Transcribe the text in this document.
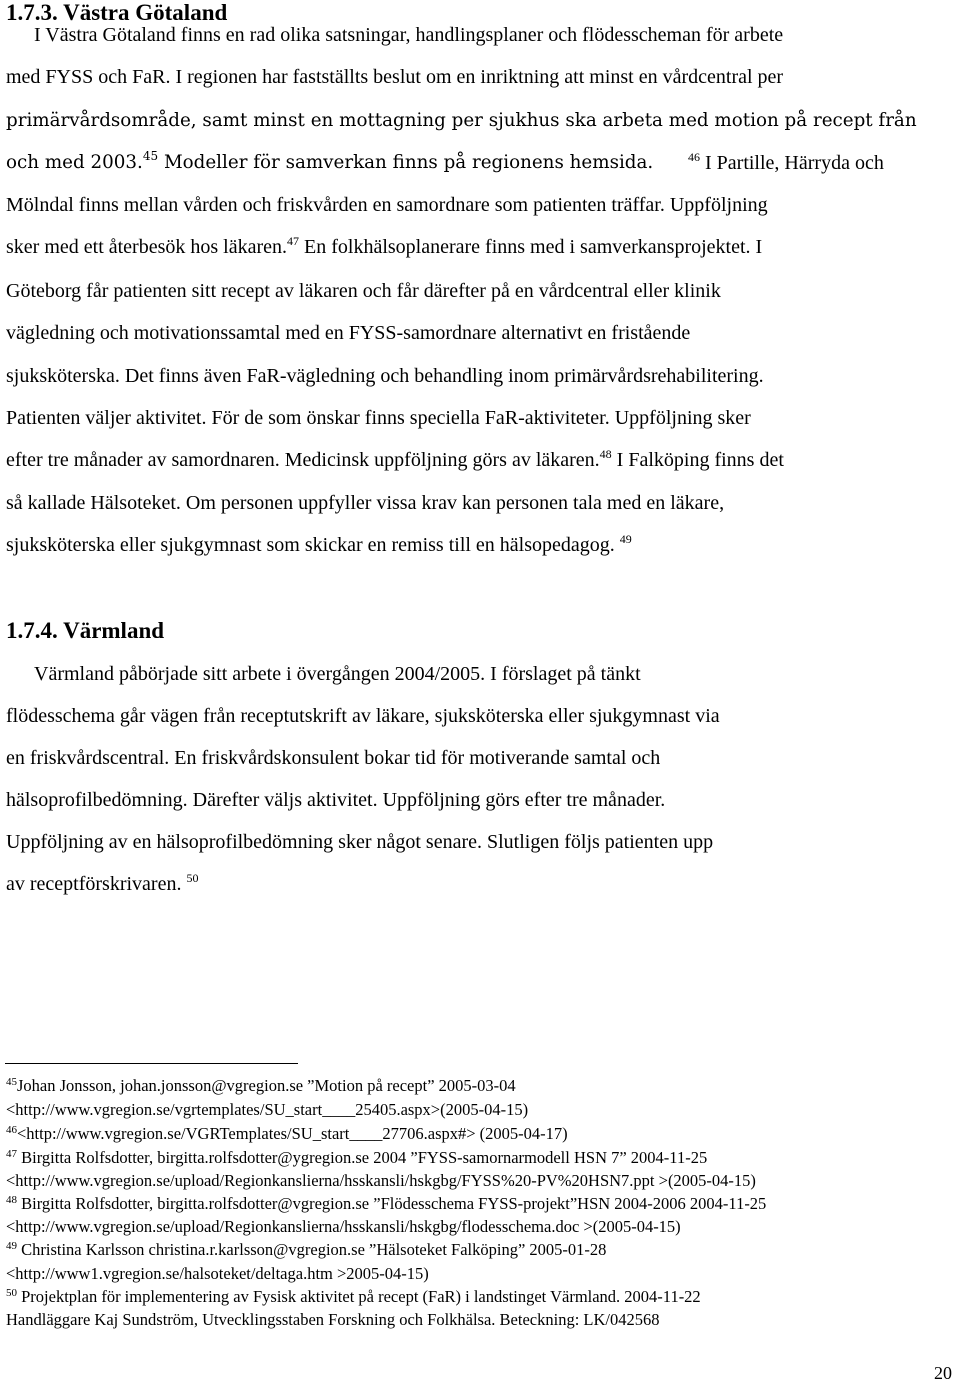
1.7.3. Västra Götaland
I Västra Götaland finns en rad olika satsningar, handlingsplaner och flödesscheman för arbete
med FYSS och FaR. I regionen har fastställts beslut om en inriktning att minst en vårdcentral per
primärvårdsområde, samt minst en mottagning per sjukhus ska arbeta med motion på recept från
och med 2003.45 Modeller för samverkan finns på regionens hemsida.	$^{46}$ I Partille, Härryda och
Mölndal finns mellan vården och friskvården en samordnare som patienten träffar. Uppföljning
sker med ett återbesök hos läkaren.$^{47}$ En folkhälsoplanerare finns med i samverkansprojektet. I
Göteborg får patienten sitt recept av läkaren och får därefter på en vårdcentral eller klinik
vägledning och motivationssamtal med en FYSS-samordnare alternativt en fristående
sjuksköterska. Det finns även FaR-vägledning och behandling inom primärvårdsrehabilitering.
Patienten väljer aktivitet. För de som önskar finns speciella FaR-aktiviteter. Uppföljning sker
efter tre månader av samordnaren. Medicinsk uppföljning görs av läkaren.$^{48}$ I Falköping finns det
så kallade Hälsoteket. Om personen uppfyller vissa krav kan personen tala med en läkare,
sjuksköterska eller sjukgymnast som skickar en remiss till en hälsopedagog. $^{49}$
1.7.4. Värmland
Värmland påbörjade sitt arbete i övergången 2004/2005. I förslaget på tänkt
flödesschema går vägen från receptutskrift av läkare, sjuksköterska eller sjukgymnast via
en friskvårdscentral. En friskvårdskonsulent bokar tid för motiverande samtal och
hälsoprofilbedömning. Därefter väljs aktivitet. Uppföljning görs efter tre månader.
Uppföljning av en hälsoprofilbedömning sker något senare. Slutligen följs patienten upp
av receptförskrivaren. $^{50}$
$^{45}$Johan Jonsson, johan.jonsson@vgregion.se ”Motion på recept” 2005-03-04
<http://www.vgregion.se/vgrtemplates/SU_start____25405.aspx>(2005-04-15)
$^{46}$<http://www.vgregion.se/VGRTemplates/SU_start____27706.aspx#> (2005-04-17)
$^{47}$ Birgitta Rolfsdotter, birgitta.rolfsdotter@ygregion.se 2004 ”FYSS-samornarmodell HSN 7” 2004-11-25
<http://www.vgregion.se/upload/Regionkanslierna/hsskansli/hskgbg/FYSS%20-PV%20HSN7.ppt >(2005-04-15)
$^{48}$ Birgitta Rolfsdotter, birgitta.rolfsdotter@vgregion.se ”Flödesschema FYSS-projekt”HSN 2004-2006 2004-11-25
<http://www.vgregion.se/upload/Regionkanslierna/hsskansli/hskgbg/flodesschema.doc >(2005-04-15)
$^{49}$ Christina Karlsson christina.r.karlsson@vgregion.se ”Hälsoteket Falköping” 2005-01-28
<http://www1.vgregion.se/halsoteket/deltaga.htm >2005-04-15)
$^{50}$ Projektplan för implementering av Fysisk aktivitet på recept (FaR) i landstinget Värmland. 2004-11-22
Handläggare Kaj Sundström, Utvecklingsstaben Forskning och Folkhälsa. Beteckning: LK/042568
20
